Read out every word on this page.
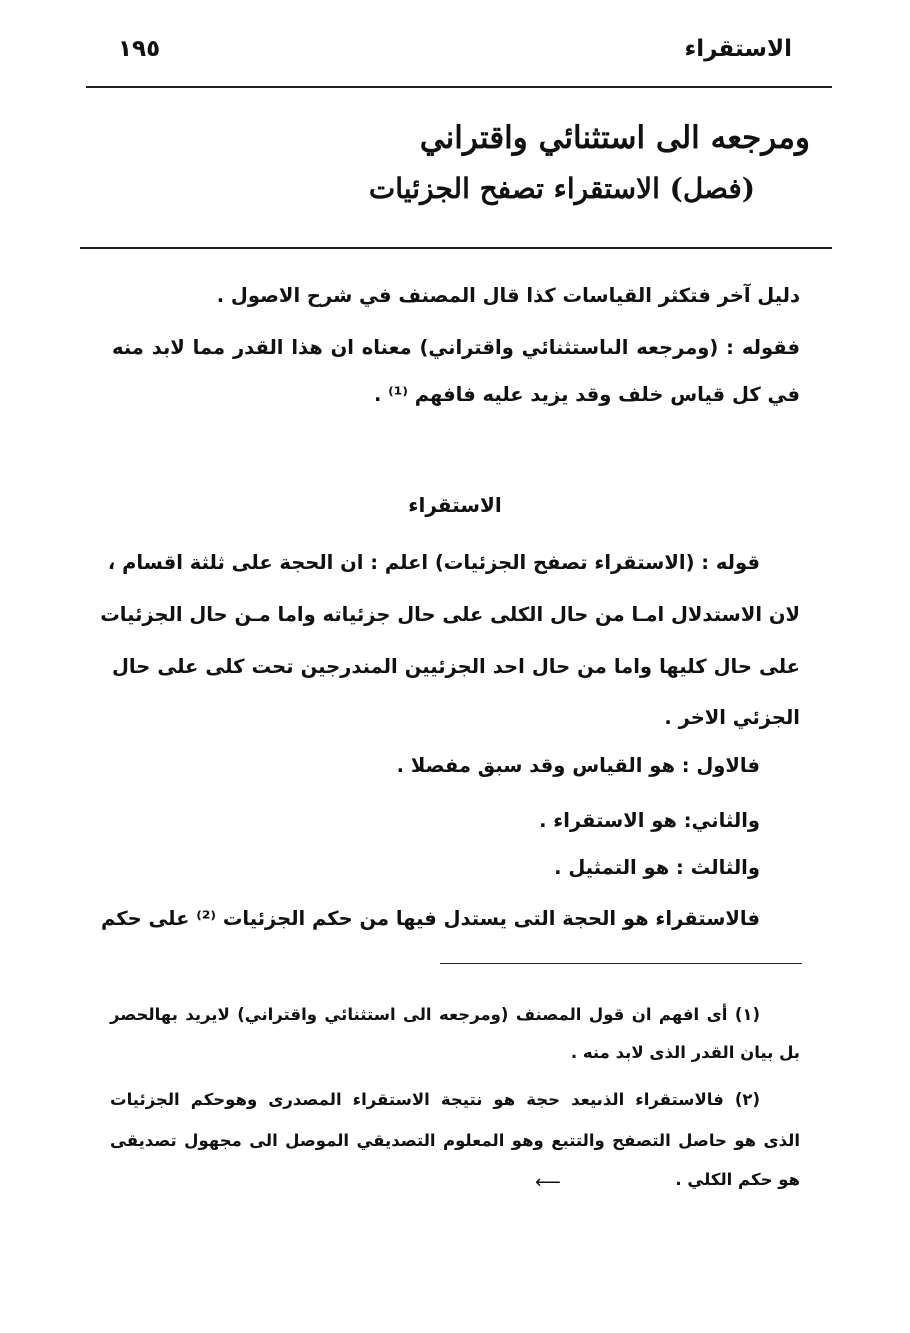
الاستقراء
١٩٥
ومرجعه الى استثنائي واقتراني
(فصل) الاستقراء تصفح الجزئيات
دليل آخر فتكثر القياسات كذا قال المصنف في شرح الاصول .
فقوله : (ومرجعه الىاستثنائي واقتراني) معناه ان هذا القدر مما لابد منه
في كل قياس خلف وقد يزيد عليه فافهم ⁽¹⁾ .
الاستقراء
قوله : (الاستقراء تصفح الجزئيات) اعلم : ان الحجة على ثلثة اقسام ،
لان الاستدلال امـا من حال الكلى على حال جزئياته واما مـن حال الجزئيات
على حال كليها واما من حال احد الجزئيين المندرجين تحت كلى على حال
الجزئي الاخر .
فالاول : هو القياس وقد سبق مفصلا .
والثاني: هو الاستقراء .
والثالث : هو التمثيل .
فالاستقراء هو الحجة التى يستدل فيها من حكم الجزئيات ⁽²⁾ على حكم
(١) أى افهم ان قول المصنف (ومرجعه الى استثنائي واقتراني) لايريد بهالحصر
بل بيان القدر الذى لابد منه .
(٢) فالاستقراء الذىيعد حجة هو نتيجة الاستقراء المصدرى وهوحكم الجزئيات
الذى هو حاصل التصفح والتتبع وهو المعلوم التصديقي الموصل الى مجهول تصديقى
هو حكم الكلي .
⟵
